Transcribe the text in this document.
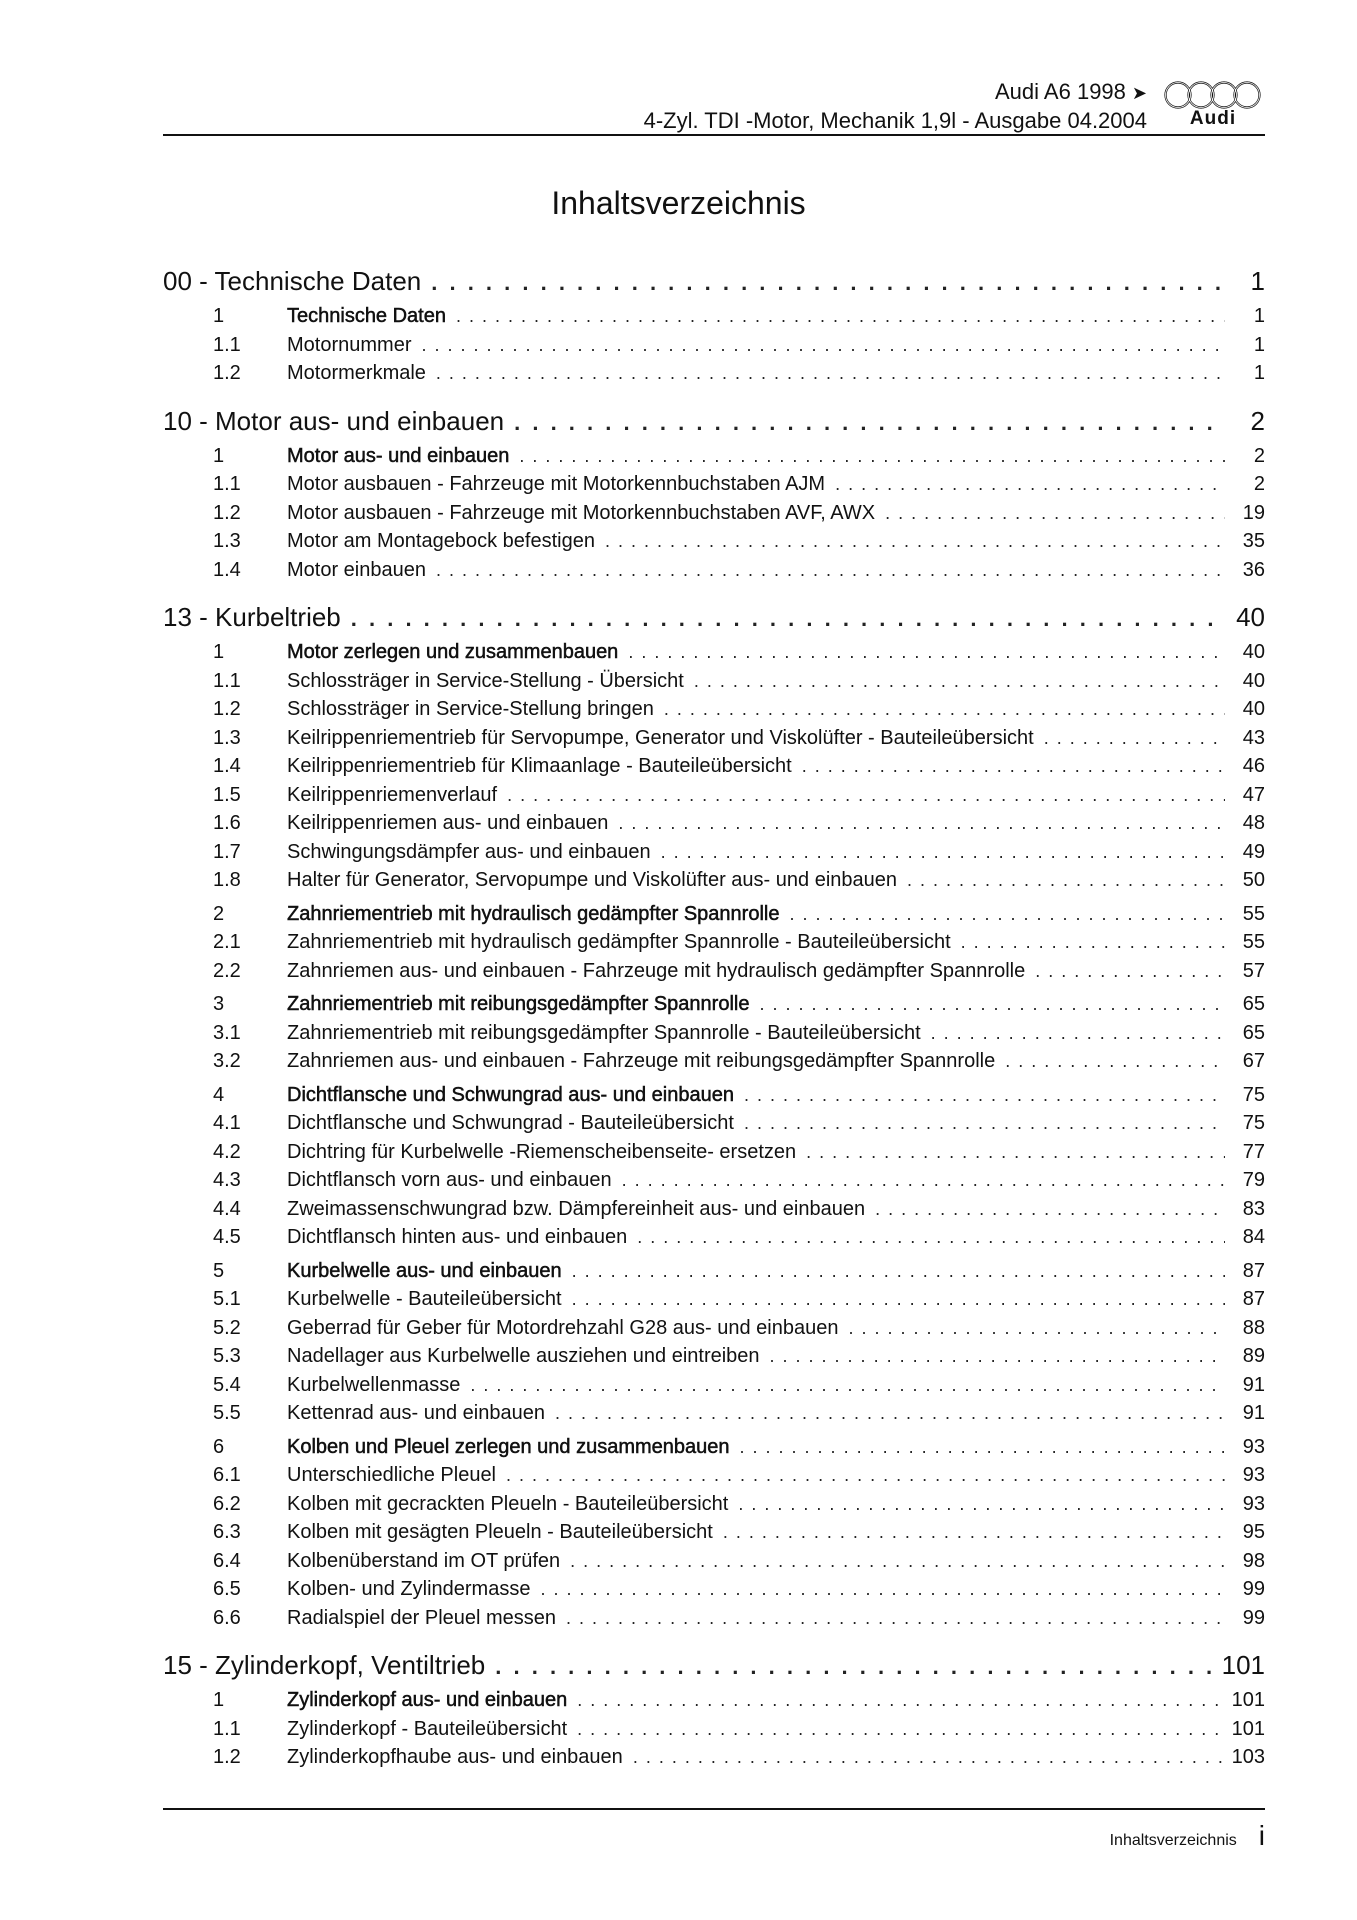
Audi A6 1998 ➤
4-Zyl. TDI -Motor, Mechanik 1,9l - Ausgabe 04.2004	Audi
Inhaltsverzeichnis
00 - Technische Daten . . .	1
1	Technische Daten . . .	1
1.1	Motornummer . . .	1
1.2	Motormerkmale . . .	1
10 - Motor aus- und einbauen . . .	2
1	Motor aus- und einbauen . . .	2
1.1	Motor ausbauen - Fahrzeuge mit Motorkennbuchstaben AJM . . .	2
1.2	Motor ausbauen - Fahrzeuge mit Motorkennbuchstaben AVF, AWX . . .	19
1.3	Motor am Montagebock befestigen . . .	35
1.4	Motor einbauen . . .	36
13 - Kurbeltrieb . . .	40
1	Motor zerlegen und zusammenbauen . . .	40
1.1	Schlossträger in Service-Stellung - Übersicht . . .	40
1.2	Schlossträger in Service-Stellung bringen . . .	40
1.3	Keilrippenriementrieb für Servopumpe, Generator und Viskolüfter - Bauteileübersicht . . .	43
1.4	Keilrippenriementrieb für Klimaanlage - Bauteileübersicht . . .	46
1.5	Keilrippenriemenverlauf . . .	47
1.6	Keilrippenriemen aus- und einbauen . . .	48
1.7	Schwingungsdämpfer aus- und einbauen . . .	49
1.8	Halter für Generator, Servopumpe und Viskolüfter aus- und einbauen . . .	50
2	Zahnriementrieb mit hydraulisch gedämpfter Spannrolle . . .	55
2.1	Zahnriementrieb mit hydraulisch gedämpfter Spannrolle - Bauteileübersicht . . .	55
2.2	Zahnriemen aus- und einbauen - Fahrzeuge mit hydraulisch gedämpfter Spannrolle . . .	57
3	Zahnriementrieb mit reibungsgedämpfter Spannrolle . . .	65
3.1	Zahnriementrieb mit reibungsgedämpfter Spannrolle - Bauteileübersicht . . .	65
3.2	Zahnriemen aus- und einbauen - Fahrzeuge mit reibungsgedämpfter Spannrolle . . .	67
4	Dichtflansche und Schwungrad aus- und einbauen . . .	75
4.1	Dichtflansche und Schwungrad - Bauteileübersicht . . .	75
4.2	Dichtring für Kurbelwelle -Riemenscheibenseite- ersetzen . . .	77
4.3	Dichtflansch vorn aus- und einbauen . . .	79
4.4	Zweimassenschwungrad bzw. Dämpfereinheit aus- und einbauen . . .	83
4.5	Dichtflansch hinten aus- und einbauen . . .	84
5	Kurbelwelle aus- und einbauen . . .	87
5.1	Kurbelwelle - Bauteileübersicht . . .	87
5.2	Geberrad für Geber für Motordrehzahl G28 aus- und einbauen . . .	88
5.3	Nadellager aus Kurbelwelle ausziehen und eintreiben . . .	89
5.4	Kurbelwellenmasse . . .	91
5.5	Kettenrad aus- und einbauen . . .	91
6	Kolben und Pleuel zerlegen und zusammenbauen . . .	93
6.1	Unterschiedliche Pleuel . . .	93
6.2	Kolben mit gecrackten Pleueln - Bauteileübersicht . . .	93
6.3	Kolben mit gesägten Pleueln - Bauteileübersicht . . .	95
6.4	Kolbenüberstand im OT prüfen . . .	98
6.5	Kolben- und Zylindermasse . . .	99
6.6	Radialspiel der Pleuel messen . . .	99
15 - Zylinderkopf, Ventiltrieb . . .	101
1	Zylinderkopf aus- und einbauen . . .	101
1.1	Zylinderkopf - Bauteileübersicht . . .	101
1.2	Zylinderkopfhaube aus- und einbauen . . .	103
Inhaltsverzeichnis i
